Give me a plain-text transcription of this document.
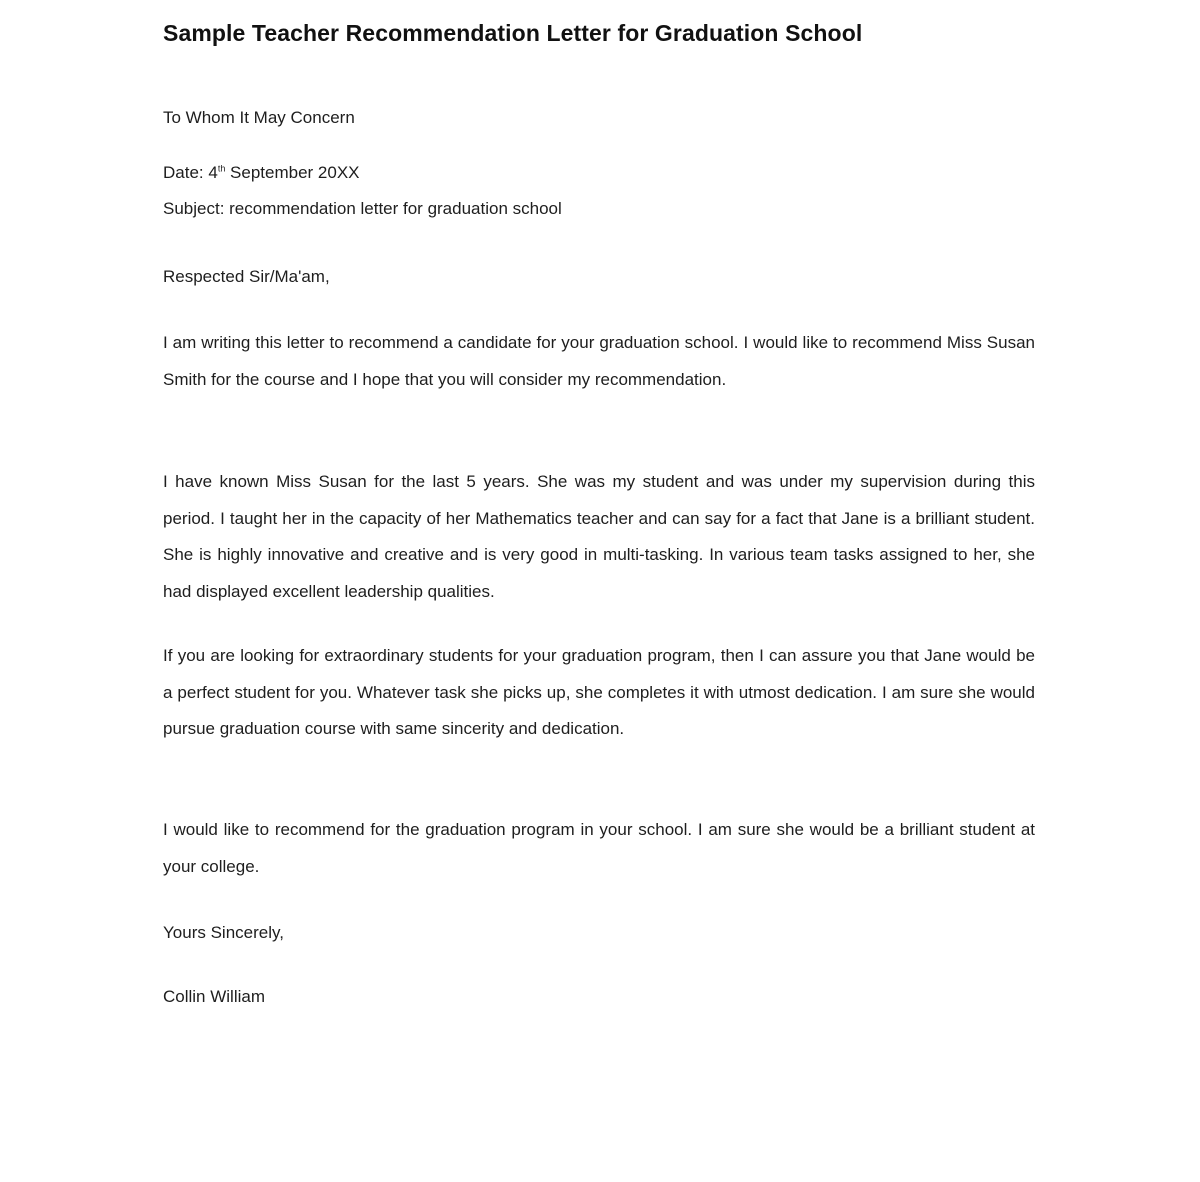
Sample Teacher Recommendation Letter for Graduation School
To Whom It May Concern
Date: 4th September 20XX
Subject: recommendation letter for graduation school
Respected Sir/Ma'am,

I am writing this letter to recommend a candidate for your graduation school. I would like to recommend Miss Susan Smith for the course and I hope that you will consider my recommendation.

I have known Miss Susan for the last 5 years. She was my student and was under my supervision during this period. I taught her in the capacity of her Mathematics teacher and can say for a fact that Jane is a brilliant student. She is highly innovative and creative and is very good in multi-tasking. In various team tasks assigned to her, she had displayed excellent leadership qualities.

If you are looking for extraordinary students for your graduation program, then I can assure you that Jane would be a perfect student for you. Whatever task she picks up, she completes it with utmost dedication. I am sure she would pursue graduation course with same sincerity and dedication.

I would like to recommend for the graduation program in your school. I am sure she would be a brilliant student at your college.

Yours Sincerely,
Collin William
